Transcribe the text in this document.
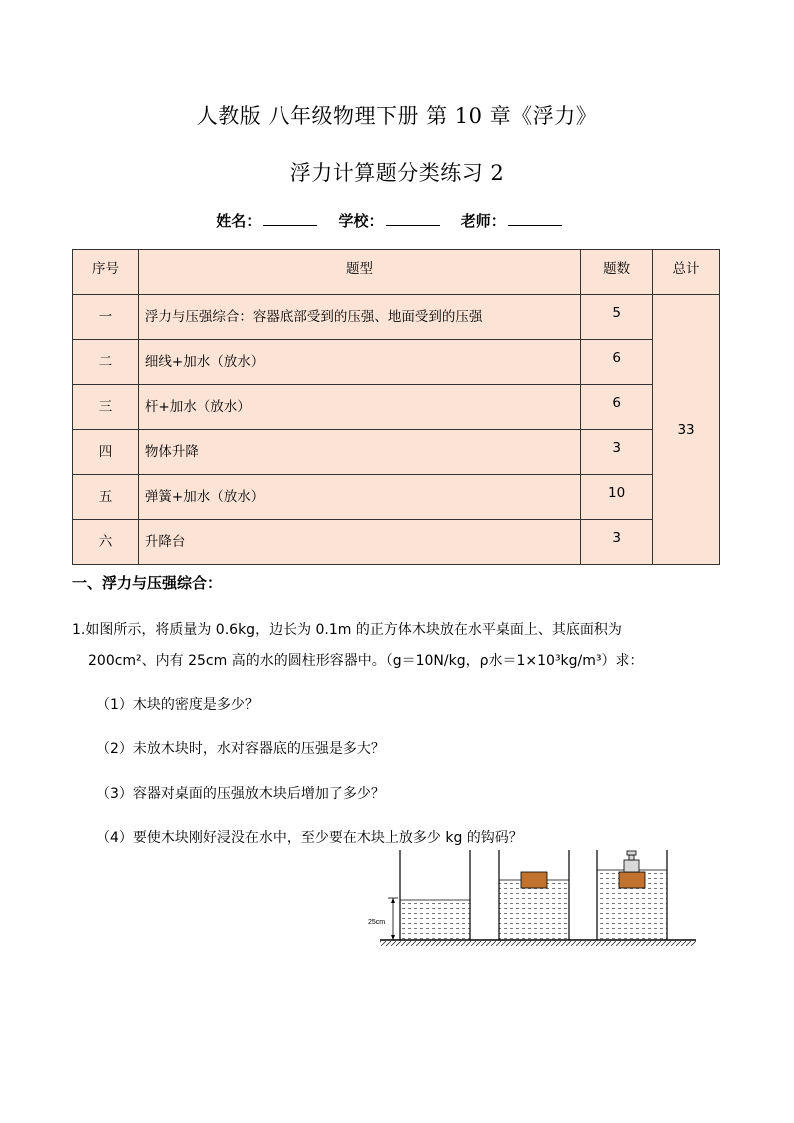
人教版 八年级物理下册 第 10 章《浮力》
浮力计算题分类练习 2
姓名：	学校：	老师：
序号	题型	题数	总计
一	浮力与压强综合：容器底部受到的压强、地面受到的压强	5	33
二	细线+加水（放水）	6	
三	杆+加水（放水）	6	
四	物体升降	3	
五	弹簧+加水（放水）	10	
六	升降台	3	
一、浮力与压强综合：
1.如图所示，将质量为 0.6kg，边长为 0.1m 的正方体木块放在水平桌面上、其底面积为
200cm²、内有 25cm 高的水的圆柱形容器中。（g＝10N/kg，ρ水＝1×10³kg/m³）求：
（1）木块的密度是多少？
（2）未放木块时，水对容器底的压强是多大？
（3）容器对桌面的压强放木块后增加了多少？
（4）要使木块刚好浸没在水中，至少要在木块上放多少 kg 的钩码？
25cm
